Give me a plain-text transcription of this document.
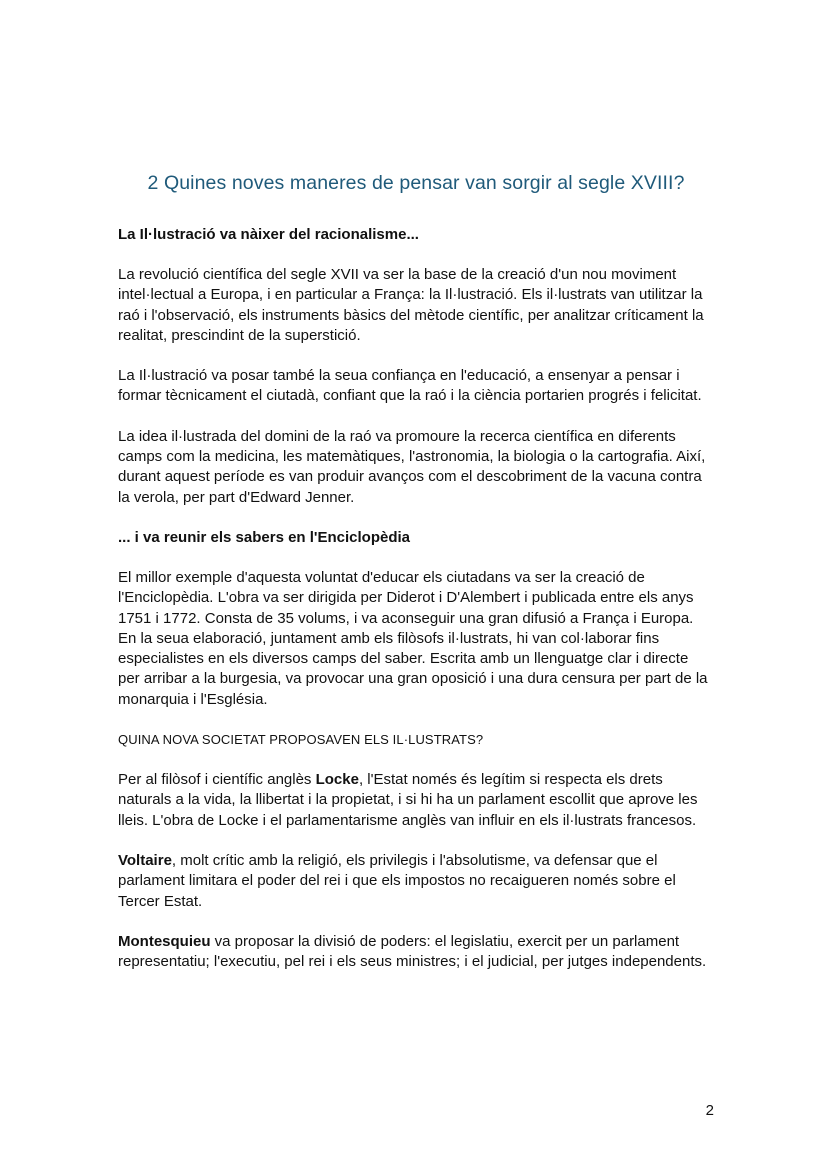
2 Quines noves maneres de pensar van sorgir al segle XVIII?
La Il·lustració va nàixer del racionalisme...

La revolució científica del segle XVII va ser la base de la creació d'un nou moviment intel·lectual a Europa, i en particular a França: la Il·lustració. Els il·lustrats van utilitzar la raó i l'observació, els instruments bàsics del mètode científic, per analitzar críticament la realitat, prescindint de la superstició.

La Il·lustració va posar també la seua confiança en l'educació, a ensenyar a pensar i formar tècnicament el ciutadà, confiant que la raó i la ciència portarien progrés i felicitat.

La idea il·lustrada del domini de la raó va promoure la recerca científica en diferents camps com la medicina, les matemàtiques, l'astronomia, la biologia o la cartografia. Així, durant aquest període es van produir avanços com el descobriment de la vacuna contra la verola, per part d'Edward Jenner.

... i va reunir els sabers en l'Enciclopèdia

El millor exemple d'aquesta voluntat d'educar els ciutadans va ser la creació de l'Enciclopèdia. L'obra va ser dirigida per Diderot i D'Alembert i publicada entre els anys 1751 i 1772. Consta de 35 volums, i va aconseguir una gran difusió a França i Europa. En la seua elaboració, juntament amb els filòsofs il·lustrats, hi van col·laborar fins especialistes en els diversos camps del saber. Escrita amb un llenguatge clar i directe per arribar a la burgesia, va provocar una gran oposició i una dura censura per part de la monarquia i l'Església.

QUINA NOVA SOCIETAT PROPOSAVEN ELS IL·LUSTRATS?

Per al filòsof i científic anglès Locke, l'Estat només és legítim si respecta els drets naturals a la vida, la llibertat i la propietat, i si hi ha un parlament escollit que aprove les lleis. L'obra de Locke i el parlamentarisme anglès van influir en els il·lustrats francesos.

Voltaire, molt crític amb la religió, els privilegis i l'absolutisme, va defensar que el parlament limitara el poder del rei i que els impostos no recaigueren només sobre el Tercer Estat.

Montesquieu va proposar la divisió de poders: el legislatiu, exercit per un parlament representatiu; l'executiu, pel rei i els seus ministres; i el judicial, per jutges independents.

2
